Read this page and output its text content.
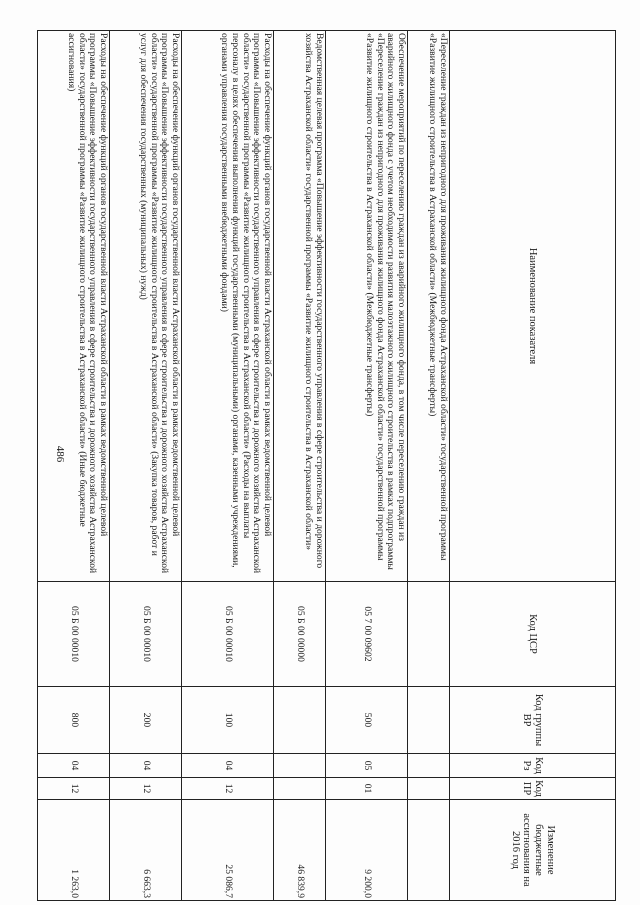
486
Наименование показателя	Код ЦСР	Код группы ВР	Код Рз	Код ПР	Изменение бюджетные ассигнования на 2016 год
«Переселение граждан из непригодного для проживания жилищного фонда Астраханской области» государственной программы «Развитие жилищного строительства в Астраханской области» (Межбюджетные трансферты)					
Обеспечение мероприятий по переселению граждан из аварийного жилищного фонда, в том числе переселению граждан из аварийного жилищного фонда с учетом необходимости развития малоэтажного жилищного строительства в рамках подпрограммы «Переселение граждан из непригодного для проживания жилищного фонда Астраханской области» государственной программы «Развитие жилищного строительства в Астраханской области» (Межбюджетные трансферты)	05 7 00 09602	500	05	01	9 200,0
Ведомственная целевая программа «Повышение эффективности государственного управления в сфере строительства и дорожного хозяйства Астраханской области» государственной программы «Развитие жилищного строительства в Астраханской области»	05 Б 00 00000				46 839,9
Расходы на обеспечение функций органов государственной власти Астраханской области в рамках ведомственной целевой программы «Повышение эффективности государственного управления в сфере строительства и дорожного хозяйства Астраханской области» государственной программы «Развитие жилищного строительства в Астраханской области» (Расходы на выплаты персоналу в целях обеспечения выполнения функций государственными (муниципальными) органами, казенными учреждениями, органами управления государственными внебюджетными фондами)	05 Б 00 00010	100	04	12	25 086,7
Расходы на обеспечение функций органов государственной власти Астраханской области в рамках ведомственной целевой программы «Повышение эффективности государственного управления в сфере строительства и дорожного хозяйства Астраханской области» государственной программы «Развитие жилищного строительства в Астраханской области» (Закупка товаров, работ и услуг для обеспечения государственных (муниципальных) нужд)	05 Б 00 00010	200	04	12	6 663,3
Расходы на обеспечение функций органов государственной власти Астраханской области в рамках ведомственной целевой программы «Повышение эффективности государственного управления в сфере строительства и дорожного хозяйства Астраханской области» государственной программы «Развитие жилищного строительства в Астраханской области» (Иные бюджетные ассигнования)	05 Б 00 00010	800	04	12	1 263,0
